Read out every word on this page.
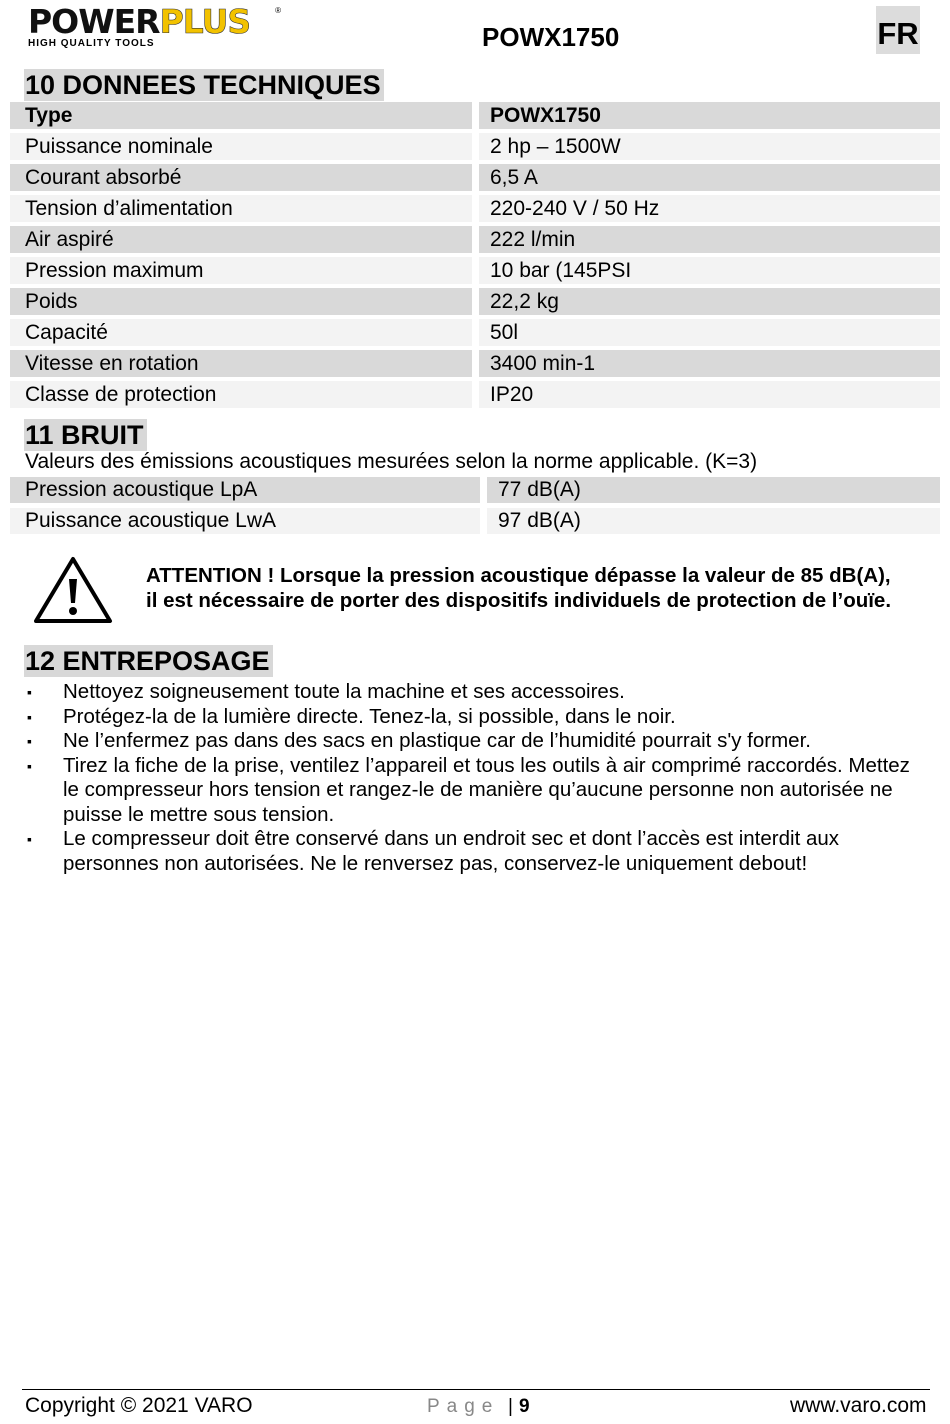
POWERPLUS	®
HIGH QUALITY TOOLS	POWX1750	FR
10 DONNEES TECHNIQUES
Type	POWX1750
Puissance nominale	2 hp – 1500W
Courant absorbé	6,5 A
Tension d’alimentation	220-240 V / 50 Hz
Air aspiré	222 l/min
Pression maximum	10 bar (145PSI
Poids	22,2 kg
Capacité	50l
Vitesse en rotation	3400 min-1
Classe de protection	IP20
11 BRUIT
Valeurs des émissions acoustiques mesurées selon la norme applicable. (K=3)
Pression acoustique LpA	77 dB(A)
Puissance acoustique LwA	97 dB(A)
ATTENTION ! Lorsque la pression acoustique dépasse la valeur de 85 dB(A),
il est nécessaire de porter des dispositifs individuels de protection de l’ouïe.
12 ENTREPOSAGE
▪ Nettoyez soigneusement toute la machine et ses accessoires.
▪ Protégez-la de la lumière directe. Tenez-la, si possible, dans le noir.
▪ Ne l’enfermez pas dans des sacs en plastique car de l’humidité pourrait s'y former.
▪ Tirez la fiche de la prise, ventilez l’appareil et tous les outils à air comprimé raccordés. Mettez le compresseur hors tension et rangez-le de manière qu’aucune personne non autorisée ne puisse le mettre sous tension.
▪ Le compresseur doit être conservé dans un endroit sec et dont l’accès est interdit aux personnes non autorisées. Ne le renversez pas, conservez-le uniquement debout!
Copyright © 2021 VARO	Page | 9	www.varo.com
